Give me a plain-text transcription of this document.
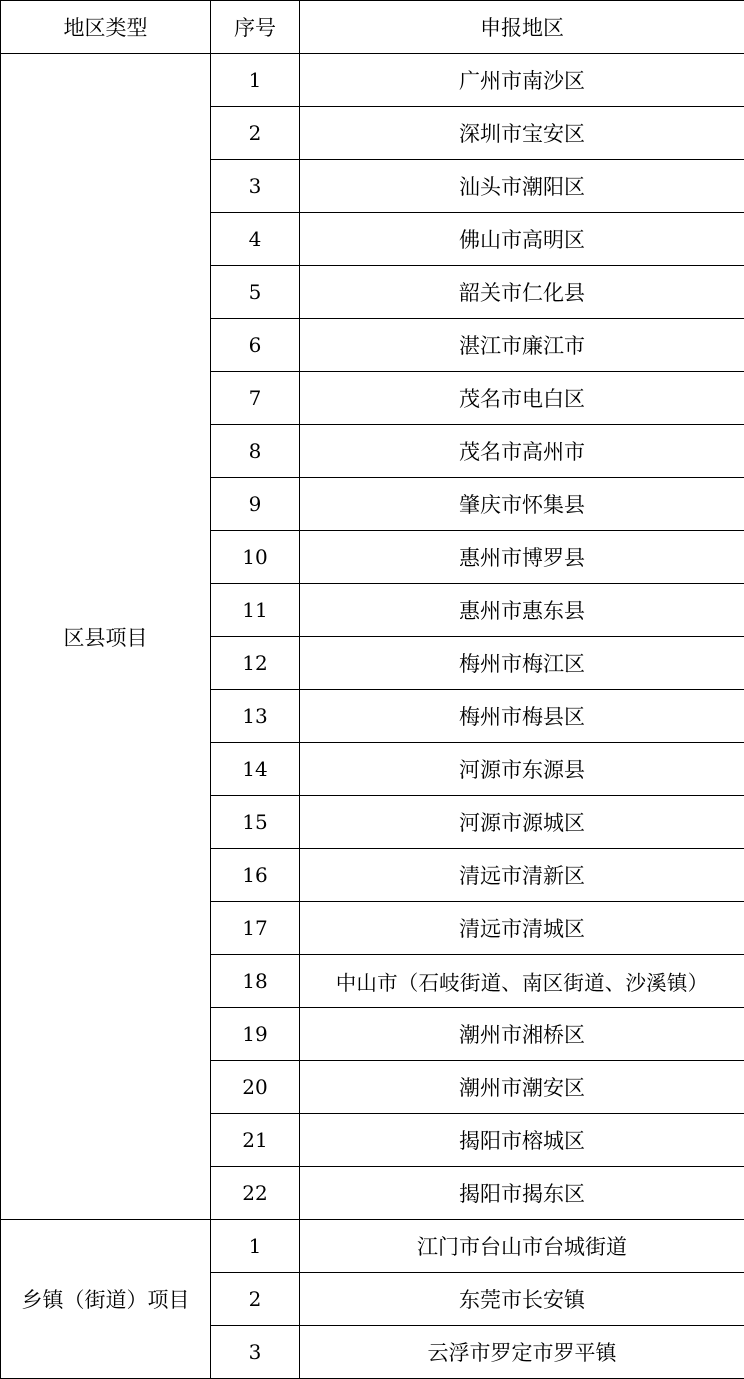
地区类型	序号	申报地区
区县项目	1	广州市南沙区
	2	深圳市宝安区
	3	汕头市潮阳区
	4	佛山市高明区
	5	韶关市仁化县
	6	湛江市廉江市
	7	茂名市电白区
	8	茂名市高州市
	9	肇庆市怀集县
	10	惠州市博罗县
	11	惠州市惠东县
	12	梅州市梅江区
	13	梅州市梅县区
	14	河源市东源县
	15	河源市源城区
	16	清远市清新区
	17	清远市清城区
	18	中山市（石岐街道、南区街道、沙溪镇）
	19	潮州市湘桥区
	20	潮州市潮安区
	21	揭阳市榕城区
	22	揭阳市揭东区
乡镇（街道）项目	1	江门市台山市台城街道
	2	东莞市长安镇
	3	云浮市罗定市罗平镇
